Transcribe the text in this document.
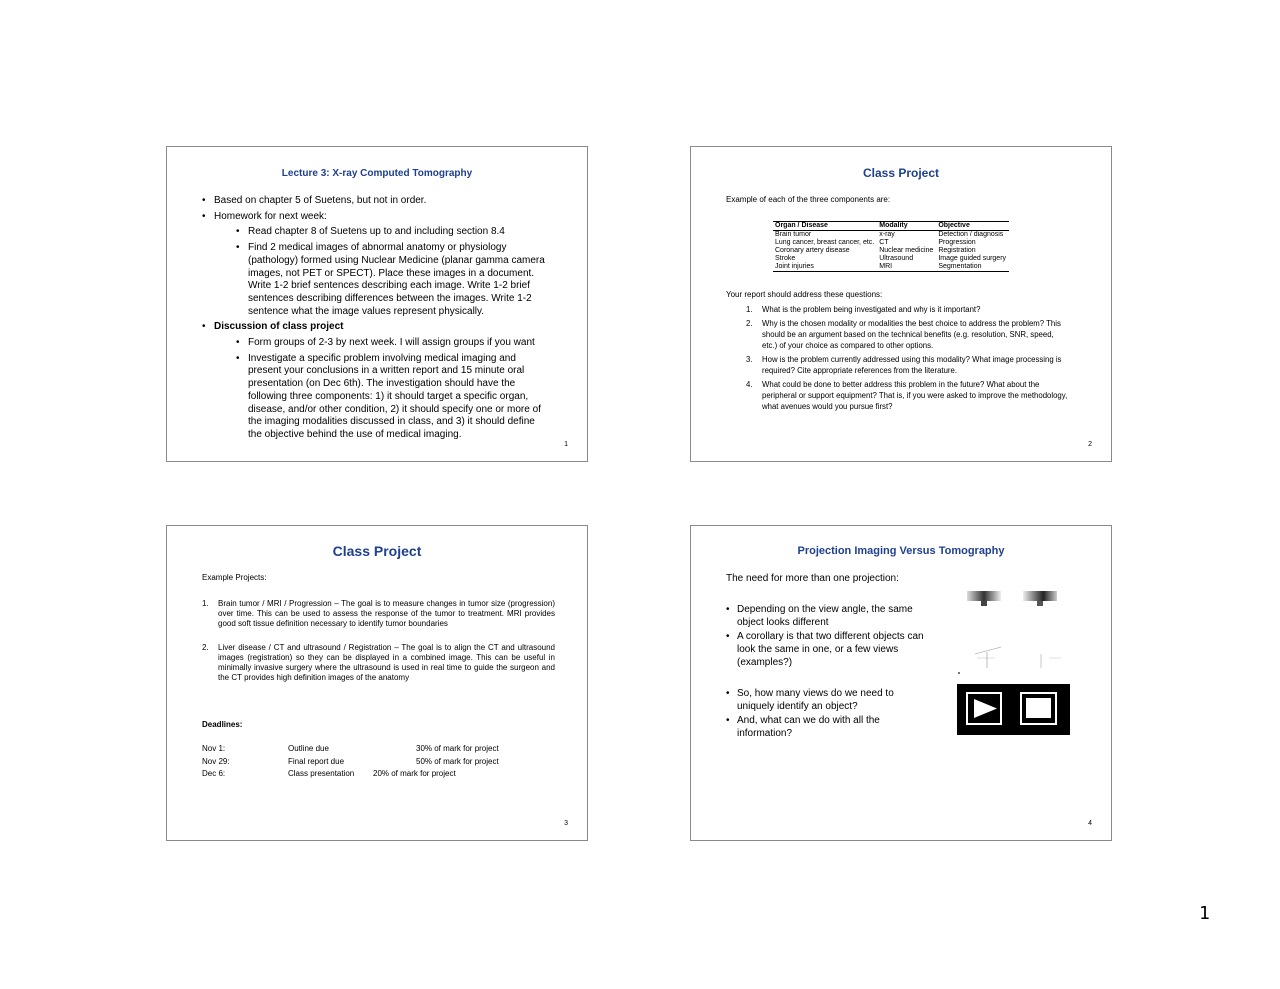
Lecture 3: X-ray Computed Tomography
• Based on chapter 5 of Suetens, but not in order.
• Homework for next week:
• Read chapter 8 of Suetens up to and including section 8.4
• Find 2 medical images of abnormal anatomy or physiology
(pathology) formed using Nuclear Medicine (planar gamma camera
images, not PET or SPECT). Place these images in a document.
Write 1-2 brief sentences describing each image. Write 1-2 brief
sentences describing differences between the images. Write 1-2
sentence what the image values represent physically.
• Discussion of class project
• Form groups of 2-3 by next week. I will assign groups if you want
• Investigate a specific problem involving medical imaging and
present your conclusions in a written report and 15 minute oral
presentation (on Dec 6th). The investigation should have the
following three components: 1) it should target a specific organ,
disease, and/or other condition, 2) it should specify one or more of
the imaging modalities discussed in class, and 3) it should define
the objective behind the use of medical imaging.
1
Class Project
Example of each of the three components are:
Organ / Disease	Modality	Objective
Brain tumor	x-ray	Detection / diagnosis
Lung cancer, breast cancer, etc.	CT	Progression
Coronary artery disease	Nuclear medicine	Registration
Stroke	Ultrasound	Image guided surgery
Joint injuries	MRI	Segmentation
Your report should address these questions:
1. What is the problem being investigated and why is it important?
2. Why is the chosen modality or modalities the best choice to address the problem? This should be an argument based on the technical benefits (e.g. resolution, SNR, speed, etc.) of your choice as compared to other options.
3. How is the problem currently addressed using this modality? What image processing is required? Cite appropriate references from the literature.
4. What could be done to better address this problem in the future? What about the peripheral or support equipment? That is, if you were asked to improve the methodology, what avenues would you pursue first?
2
Class Project
Example Projects:
1. Brain tumor / MRI / Progression – The goal is to measure changes in tumor size (progression) over time. This can be used to assess the response of the tumor to treatment. MRI provides good soft tissue definition necessary to identify tumor boundaries
2. Liver disease / CT and ultrasound / Registration – The goal is to align the CT and ultrasound images (registration) so they can be displayed in a combined image. This can be useful in minimally invasive surgery where the ultrasound is used in real time to guide the surgeon and the CT provides high definition images of the anatomy
Deadlines:
Nov 1:	Outline due	30% of mark for project
Nov 29:	Final report due	50% of mark for project
Dec 6:	Class presentation 20% of mark for project
3
Projection Imaging Versus Tomography
The need for more than one projection:
• Depending on the view angle, the same object looks different
• A corollary is that two different objects can look the same in one, or a few views (examples?)
• So, how many views do we need to uniquely identify an object?
• And, what can we do with all the information?
4
1
